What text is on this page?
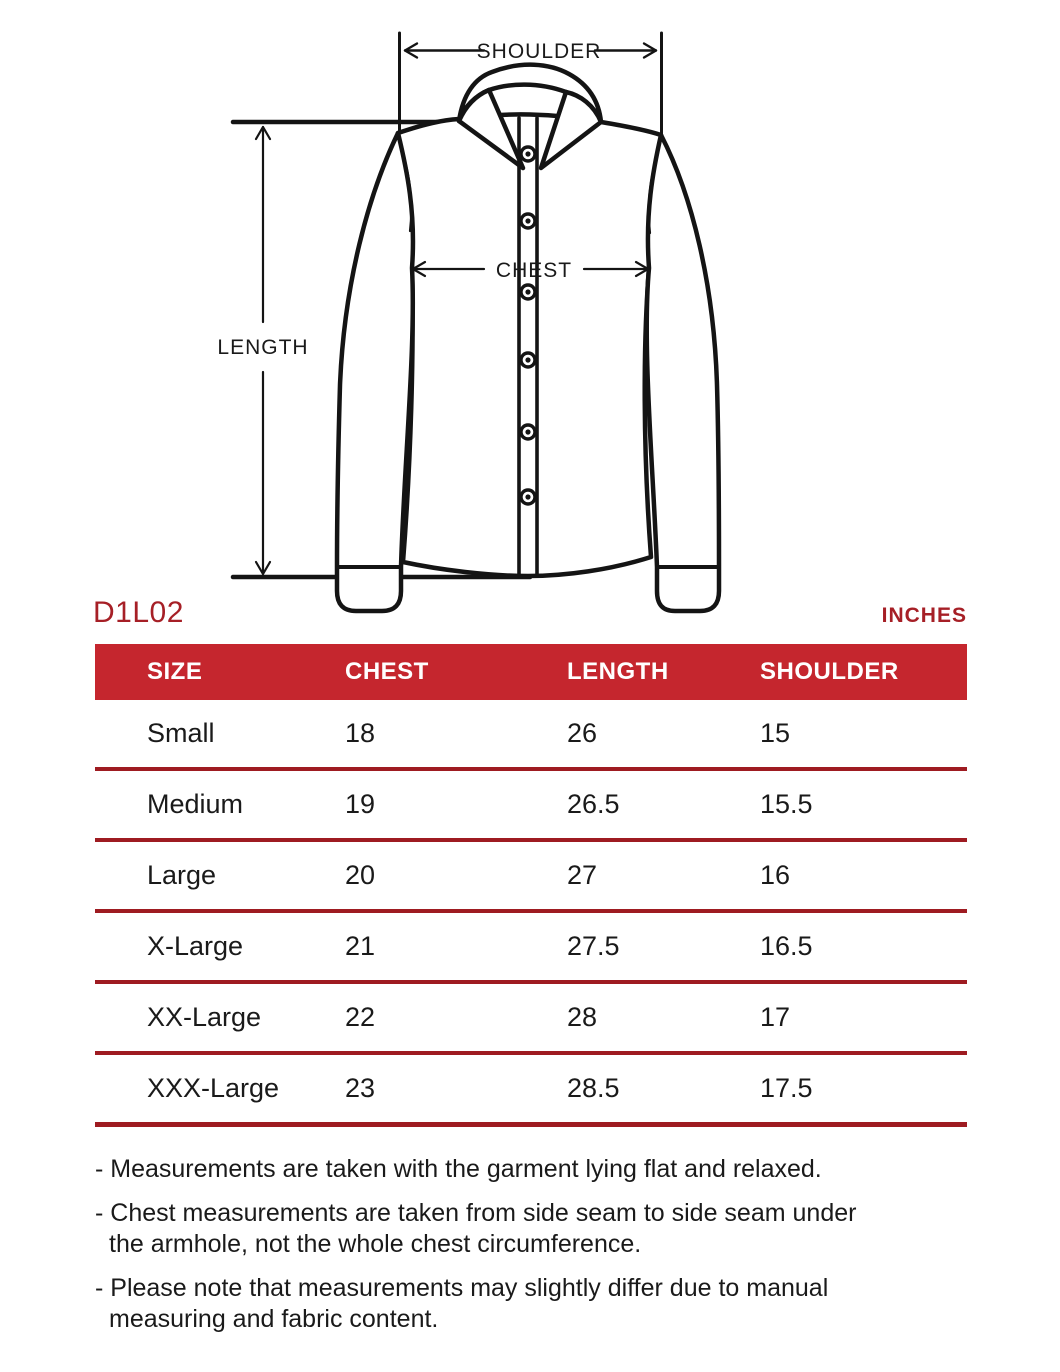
LENGTH
SHOULDER
CHEST
D1L02	INCHES
SIZE	CHEST	LENGTH	SHOULDER
Small	18	26	15
Medium	19	26.5	15.5
Large	20	27	16
X-Large	21	27.5	16.5
XX-Large	22	28	17
XXX-Large	23	28.5	17.5
- Measurements are taken with the garment lying flat and relaxed.
- Chest measurements are taken from side seam to side seam under
the armhole, not the whole chest circumference.
- Please note that measurements may slightly differ due to manual
measuring and fabric content.
